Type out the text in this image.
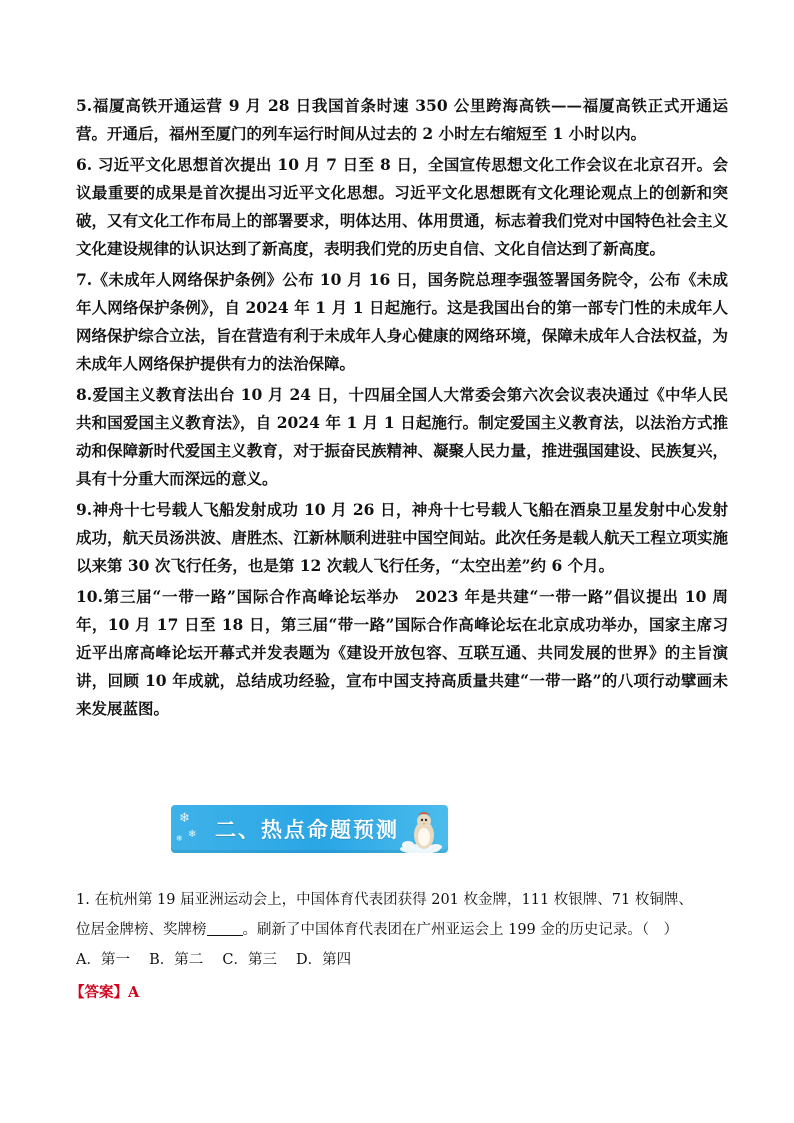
5.福厦高铁开通运营 9 月 28 日我国首条时速 350 公里跨海高铁——福厦高铁正式开通运营。开通后，福州至厦门的列车运行时间从过去的 2 小时左右缩短至 1 小时以内。

6. 习近平文化思想首次提出 10 月 7 日至 8 日，全国宣传思想文化工作会议在北京召开。会议最重要的成果是首次提出习近平文化思想。习近平文化思想既有文化理论观点上的创新和突破，又有文化工作布局上的部署要求，明体达用、体用贯通，标志着我们党对中国特色社会主义文化建设规律的认识达到了新高度，表明我们党的历史自信、文化自信达到了新高度。

7.《未成年人网络保护条例》公布 10 月 16 日，国务院总理李强签署国务院令，公布《未成年人网络保护条例》，自 2024 年 1 月 1 日起施行。这是我国出台的第一部专门性的未成年人网络保护综合立法，旨在营造有利于未成年人身心健康的网络环境，保障未成年人合法权益，为未成年人网络保护提供有力的法治保障。

8.爱国主义教育法出台 10 月 24 日，十四届全国人大常委会第六次会议表决通过《中华人民共和国爱国主义教育法》，自 2024 年 1 月 1 日起施行。制定爱国主义教育法，以法治方式推动和保障新时代爱国主义教育，对于振奋民族精神、凝聚人民力量，推进强国建设、民族复兴，具有十分重大而深远的意义。

9.神舟十七号载人飞船发射成功 10 月 26 日，神舟十七号载人飞船在酒泉卫星发射中心发射成功，航天员汤洪波、唐胜杰、江新林顺利进驻中国空间站。此次任务是载人航天工程立项实施以来第 30 次飞行任务，也是第 12 次载人飞行任务，“太空出差”约 6 个月。

10.第三届“一带一路”国际合作高峰论坛举办　2023 年是共建“一带一路”倡议提出 10 周年，10 月 17 日至 18 日，第三届“带一路”国际合作高峰论坛在北京成功举办，国家主席习近平出席高峰论坛开幕式并发表题为《建设开放包容、互联互通、共同发展的世界》的主旨演讲，回顾 10 年成就，总结成功经验，宣布中国支持高质量共建“一带一路”的八项行动擘画未来发展蓝图。

❄
❄
❄ 二、热点命题预测

1. 在杭州第 19 届亚洲运动会上，中国体育代表团获得 201 枚金牌，111 枚银牌、71 枚铜牌、

位居金牌榜、奖牌榜 。刷新了中国体育代表团在广州亚运会上 199 金的历史记录。（　）

A．第一　 B．第二　 C．第三　 D．第四

【答案】A
